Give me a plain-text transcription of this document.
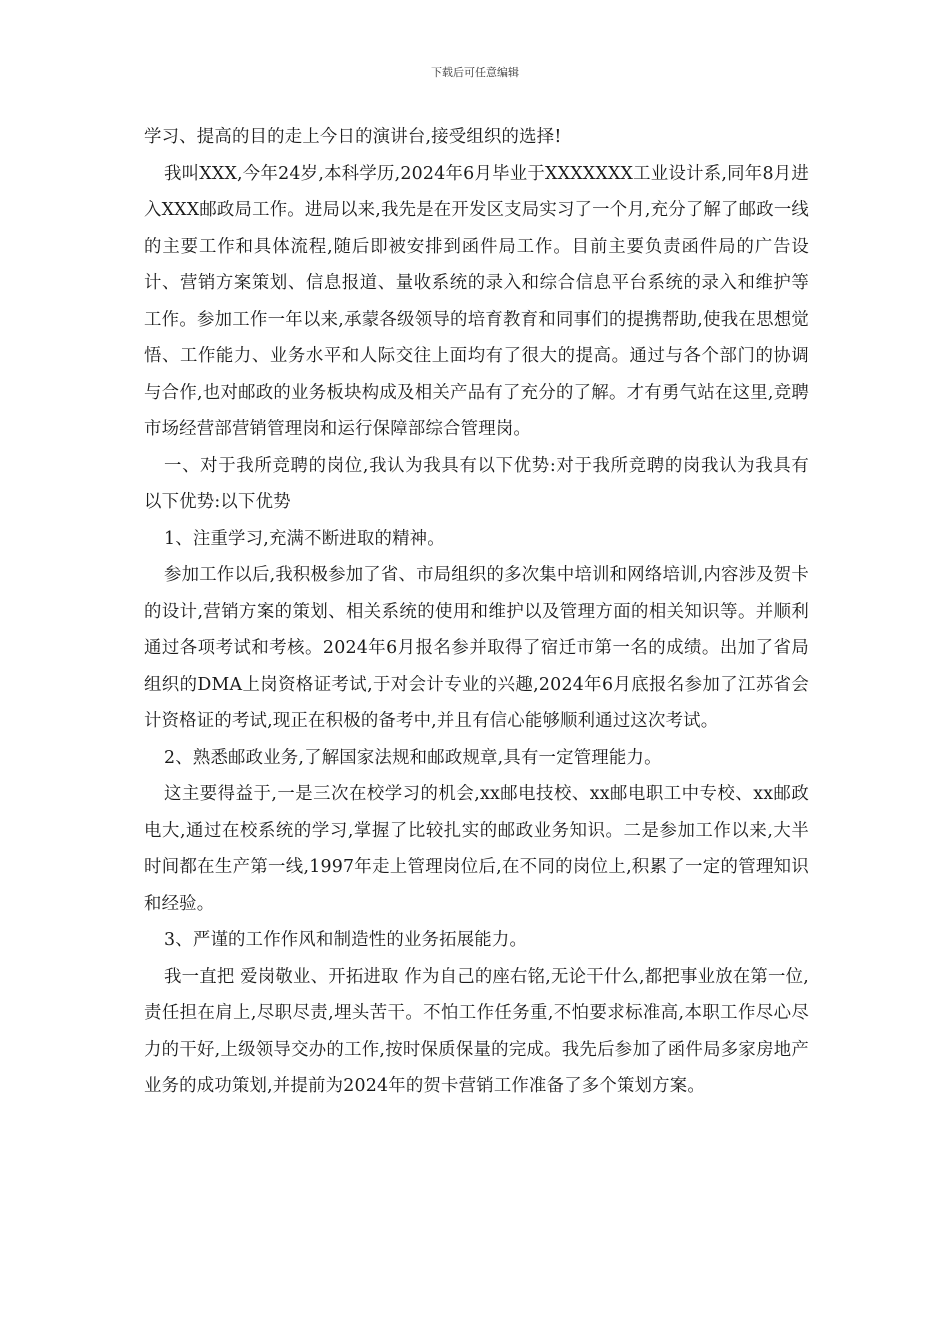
下载后可任意编辑

学习、提高的目的走上今日的演讲台,接受组织的选择!

我叫XXX,今年24岁,本科学历,2024年6月毕业于XXXXXXX工业设计系,同年8月进入XXX邮政局工作。进局以来,我先是在开发区支局实习了一个月,充分了解了邮政一线的主要工作和具体流程,随后即被安排到函件局工作。目前主要负责函件局的广告设计、营销方案策划、信息报道、量收系统的录入和综合信息平台系统的录入和维护等工作。参加工作一年以来,承蒙各级领导的培育教育和同事们的提携帮助,使我在思想觉悟、工作能力、业务水平和人际交往上面均有了很大的提高。通过与各个部门的协调与合作,也对邮政的业务板块构成及相关产品有了充分的了解。才有勇气站在这里,竞聘市场经营部营销管理岗和运行保障部综合管理岗。

一、对于我所竞聘的岗位,我认为我具有以下优势:对于我所竞聘的岗我认为我具有以下优势:以下优势

1、注重学习,充满不断进取的精神。

参加工作以后,我积极参加了省、市局组织的多次集中培训和网络培训,内容涉及贺卡的设计,营销方案的策划、相关系统的使用和维护以及管理方面的相关知识等。并顺利通过各项考试和考核。2024年6月报名参并取得了宿迁市第一名的成绩。出加了省局组织的DMA上岗资格证考试,于对会计专业的兴趣,2024年6月底报名参加了江苏省会计资格证的考试,现正在积极的备考中,并且有信心能够顺利通过这次考试。

2、熟悉邮政业务,了解国家法规和邮政规章,具有一定管理能力。

这主要得益于,一是三次在校学习的机会,xx邮电技校、xx邮电职工中专校、xx邮政电大,通过在校系统的学习,掌握了比较扎实的邮政业务知识。二是参加工作以来,大半时间都在生产第一线,1997年走上管理岗位后,在不同的岗位上,积累了一定的管理知识和经验。

3、严谨的工作作风和制造性的业务拓展能力。

我一直把 爱岗敬业、开拓进取 作为自己的座右铭,无论干什么,都把事业放在第一位,责任担在肩上,尽职尽责,埋头苦干。不怕工作任务重,不怕要求标准高,本职工作尽心尽力的干好,上级领导交办的工作,按时保质保量的完成。我先后参加了函件局多家房地产业务的成功策划,并提前为2024年的贺卡营销工作准备了多个策划方案。
